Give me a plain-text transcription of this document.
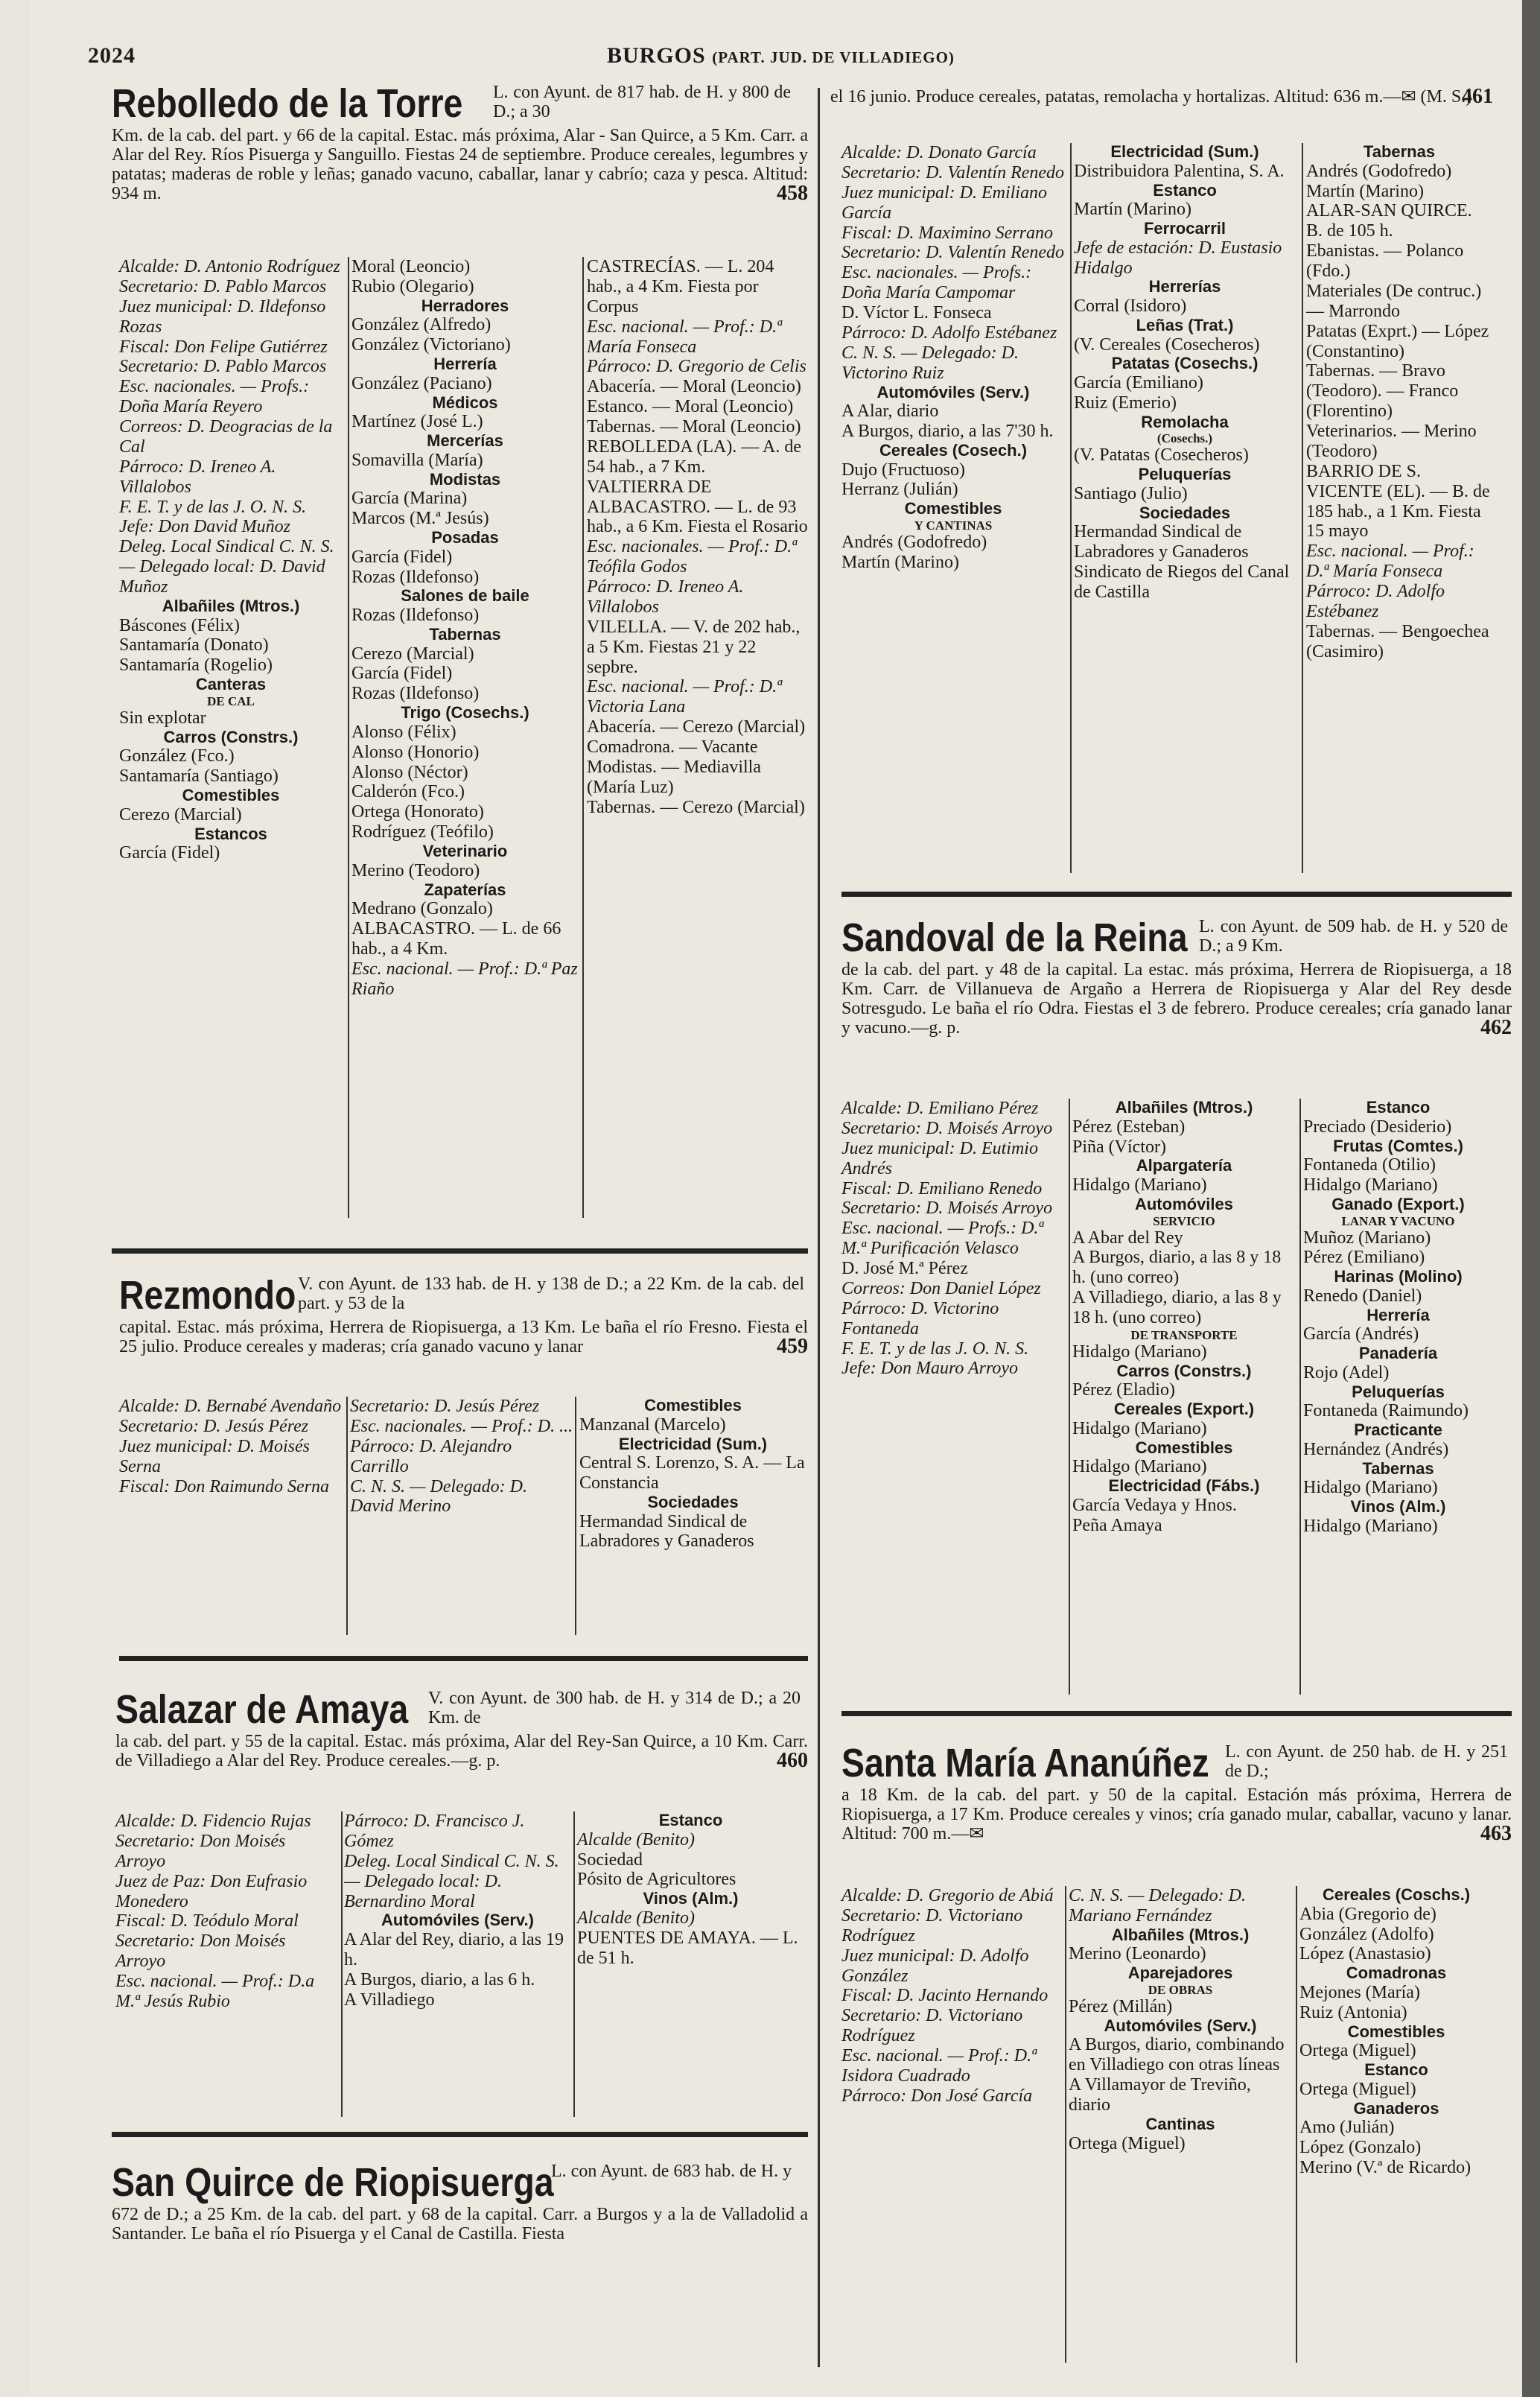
2024	BURGOS (PART. JUD. DE VILLADIEGO)
Rebolledo de la Torre L. con Ayunt. de 817 hab. de H. y 800 de D.; a 30
Km. de la cab. del part. y 66 de la capital. Estac. más próxima, Alar - San Quirce, a 5 Km. Carr. a Alar del Rey. Ríos Pisuerga y Sanguillo. Fiestas 24 de septiembre. Produce cereales, legumbres y patatas; maderas de roble y leñas; ganado vacuno, caballar, lanar y cabrío; caza y pesca. Altitud: 934 m.	458
Alcalde: D. Antonio Rodríguez
Secretario: D. Pablo Marcos
Juez municipal: D. Ildefonso Rozas
Fiscal: Don Felipe Gutiérrez
Secretario: D. Pablo Marcos
Esc. nacionales. — Profs.: Doña María Reyero
Correos: D. Deogracias de la Cal
Párroco: D. Ireneo A. Villalobos
F. E. T. y de las J. O. N. S.
Jefe: Don David Muñoz
Deleg. Local Sindical C. N. S. — Delegado local: D. David Muñoz
Albañiles (Mtros.)
Báscones (Félix)
Santamaría (Donato)
Santamaría (Rogelio)
Canteras
DE CAL
Sin explotar
Carros (Constrs.)
González (Fco.)
Santamaría (Santiago)
Comestibles
Cerezo (Marcial)
Estancos
García (Fidel)
Moral (Leoncio)
Rubio (Olegario)
Herradores
González (Alfredo)
González (Victoriano)
Herrería
González (Paciano)
Médicos
Martínez (José L.)
Mercerías
Somavilla (María)
Modistas
García (Marina)
Marcos (M.ª Jesús)
Posadas
García (Fidel)
Rozas (Ildefonso)
Salones de baile
Rozas (Ildefonso)
Tabernas
Cerezo (Marcial)
García (Fidel)
Rozas (Ildefonso)
Trigo (Cosechs.)
Alonso (Félix)
Alonso (Honorio)
Alonso (Néctor)
Calderón (Fco.)
Ortega (Honorato)
Rodríguez (Teófilo)
Veterinario
Merino (Teodoro)
Zapaterías
Medrano (Gonzalo)
ALBACASTRO. — L. de 66 hab., a 4 Km.
Esc. nacional. — Prof.: D.ª Paz Riaño
CASTRECÍAS. — L. 204 hab., a 4 Km. Fiesta por Corpus
Esc. nacional. — Prof.: D.ª María Fonseca
Párroco: D. Gregorio de Celis
Abacería. — Moral (Leoncio)
Estanco. — Moral (Leoncio)
Tabernas. — Moral (Leoncio)
REBOLLEDA (LA). — A. de 54 hab., a 7 Km.
VALTIERRA DE ALBACASTRO. — L. de 93 hab., a 6 Km. Fiesta el Rosario
Esc. nacionales. — Prof.: D.ª Teófila Godos
Párroco: D. Ireneo A. Villalobos
VILELLA. — V. de 202 hab., a 5 Km. Fiestas 21 y 22 sepbre.
Esc. nacional. — Prof.: D.ª Victoria Lana
Abacería. — Cerezo (Marcial)
Comadrona. — Vacante
Modistas. — Mediavilla (María Luz)
Tabernas. — Cerezo (Marcial)
Rezmondo V. con Ayunt. de 133 hab. de H. y 138 de D.; a 22 Km. de la cab. del part. y 53 de la
capital. Estac. más próxima, Herrera de Riopisuerga, a 13 Km. Le baña el río Fresno. Fiesta el 25 julio. Produce cereales y maderas; cría ganado vacuno y lanar	459
Alcalde: D. Bernabé Avendaño
Secretario: D. Jesús Pérez
Juez municipal: D. Moisés Serna
Fiscal: Don Raimundo Serna
Secretario: D. Jesús Pérez
Esc. nacionales. — Prof.: D. ...
Párroco: D. Alejandro Carrillo
C. N. S. — Delegado: D. David Merino
Comestibles
Manzanal (Marcelo)
Electricidad (Sum.)
Central S. Lorenzo, S. A. — La Constancia
Sociedades
Hermandad Sindical de Labradores y Ganaderos
Salazar de Amaya V. con Ayunt. de 300 hab. de H. y 314 de D.; a 20 Km. de
la cab. del part. y 55 de la capital. Estac. más próxima, Alar del Rey-San Quirce, a 10 Km. Carr. de Villadiego a Alar del Rey. Produce cereales.—g. p.	460
Alcalde: D. Fidencio Rujas
Secretario: Don Moisés Arroyo
Juez de Paz: Don Eufrasio Monedero
Fiscal: D. Teódulo Moral
Secretario: Don Moisés Arroyo
Esc. nacional. — Prof.: D.a M.ª Jesús Rubio
Párroco: D. Francisco J. Gómez
Deleg. Local Sindical C. N. S. — Delegado local: D. Bernardino Moral
Automóviles (Serv.)
A Alar del Rey, diario, a las 19 h.
A Burgos, diario, a las 6 h.
A Villadiego
Estanco
Alcalde (Benito)
Sociedad
Pósito de Agricultores
Vinos (Alm.)
Alcalde (Benito)
PUENTES DE AMAYA. — L. de 51 h.
San Quirce de Riopisuerga
L. con Ayunt. de 683 hab. de H. y
672 de D.; a 25 Km. de la cab. del part. y 68 de la capital. Carr. a Burgos y a la de Valladolid a Santander. Le baña el río Pisuerga y el Canal de Castilla. Fiesta
el 16 junio. Produce cereales, patatas, remolacha y hortalizas. Altitud: 636 m.—✉ (M. S.)
461
Alcalde: D. Donato García
Secretario: D. Valentín Renedo
Juez municipal: D. Emiliano García
Fiscal: D. Maximino Serrano
Secretario: D. Valentín Renedo
Esc. nacionales. — Profs.: Doña María Campomar
D. Víctor L. Fonseca
Párroco: D. Adolfo Estébanez
C. N. S. — Delegado: D. Victorino Ruiz
Automóviles (Serv.)
A Alar, diario
A Burgos, diario, a las 7'30 h.
Cereales (Cosech.)
Dujo (Fructuoso)
Herranz (Julián)
Comestibles
Y CANTINAS
Andrés (Godofredo)
Martín (Marino)
Electricidad (Sum.)
Distribuidora Palentina, S. A.
Estanco
Martín (Marino)
Ferrocarril
Jefe de estación: D. Eustasio Hidalgo
Herrerías
Corral (Isidoro)
Leñas (Trat.)
(V. Cereales (Cosecheros)
Patatas (Cosechs.)
García (Emiliano)
Ruiz (Emerio)
Remolacha
(Cosechs.)
(V. Patatas (Cosecheros)
Peluquerías
Santiago (Julio)
Sociedades
Hermandad Sindical de Labradores y Ganaderos
Sindicato de Riegos del Canal de Castilla
Tabernas
Andrés (Godofredo)
Martín (Marino)
ALAR-SAN QUIRCE. B. de 105 h.
Ebanistas. — Polanco (Fdo.)
Materiales (De contruc.) — Marrondo
Patatas (Exprt.) — López (Constantino)
Tabernas. — Bravo (Teodoro). — Franco (Florentino)
Veterinarios. — Merino (Teodoro)
BARRIO DE S. VICENTE (EL). — B. de 185 hab., a 1 Km. Fiesta 15 mayo
Esc. nacional. — Prof.: D.ª María Fonseca
Párroco: D. Adolfo Estébanez
Tabernas. — Bengoechea (Casimiro)
Sandoval de la Reina L. con Ayunt. de 509 hab. de H. y 520 de D.; a 9 Km.
de la cab. del part. y 48 de la capital. La estac. más próxima, Herrera de Riopisuerga, a 18 Km. Carr. de Villanueva de Argaño a Herrera de Riopisuerga y Alar del Rey desde Sotresgudo. Le baña el río Odra. Fiestas el 3 de febrero. Produce cereales; cría ganado lanar y vacuno.—g. p.	462
Alcalde: D. Emiliano Pérez
Secretario: D. Moisés Arroyo
Juez municipal: D. Eutimio Andrés
Fiscal: D. Emiliano Renedo
Secretario: D. Moisés Arroyo
Esc. nacional. — Profs.: D.ª M.ª Purificación Velasco
D. José M.ª Pérez
Correos: Don Daniel López
Párroco: D. Victorino Fontaneda
F. E. T. y de las J. O. N. S.
Jefe: Don Mauro Arroyo
Albañiles (Mtros.)
Pérez (Esteban)
Piña (Víctor)
Alpargatería
Hidalgo (Mariano)
Automóviles
SERVICIO
A Abar del Rey
A Burgos, diario, a las 8 y 18 h. (uno correo)
A Villadiego, diario, a las 8 y 18 h. (uno correo)
DE TRANSPORTE
Hidalgo (Mariano)
Carros (Constrs.)
Pérez (Eladio)
Cereales (Export.)
Hidalgo (Mariano)
Comestibles
Hidalgo (Mariano)
Electricidad (Fábs.)
García Vedaya y Hnos.
Peña Amaya
Estanco
Preciado (Desiderio)
Frutas (Comtes.)
Fontaneda (Otilio)
Hidalgo (Mariano)
Ganado (Export.)
LANAR Y VACUNO
Muñoz (Mariano)
Pérez (Emiliano)
Harinas (Molino)
Renedo (Daniel)
Herrería
García (Andrés)
Panadería
Rojo (Adel)
Peluquerías
Fontaneda (Raimundo)
Practicante
Hernández (Andrés)
Tabernas
Hidalgo (Mariano)
Vinos (Alm.)
Hidalgo (Mariano)
Santa María Ananúñez L. con Ayunt. de 250 hab. de H. y 251 de D.;
a 18 Km. de la cab. del part. y 50 de la capital. Estación más próxima, Herrera de Riopisuerga, a 17 Km. Produce cereales y vinos; cría ganado mular, caballar, vacuno y lanar. Altitud: 700 m.—✉	463
Alcalde: D. Gregorio de Abiá
Secretario: D. Victoriano Rodríguez
Juez municipal: D. Adolfo González
Fiscal: D. Jacinto Hernando
Secretario: D. Victoriano Rodríguez
Esc. nacional. — Prof.: D.ª Isidora Cuadrado
Párroco: Don José García
C. N. S. — Delegado: D. Mariano Fernández
Albañiles (Mtros.)
Merino (Leonardo)
Aparejadores
DE OBRAS
Pérez (Millán)
Automóviles (Serv.)
A Burgos, diario, combinando en Villadiego con otras líneas
A Villamayor de Treviño, diario
Cantinas
Ortega (Miguel)
Cereales (Coschs.)
Abia (Gregorio de)
González (Adolfo)
López (Anastasio)
Comadronas
Mejones (María)
Ruiz (Antonia)
Comestibles
Ortega (Miguel)
Estanco
Ortega (Miguel)
Ganaderos
Amo (Julián)
López (Gonzalo)
Merino (V.ª de Ricardo)
